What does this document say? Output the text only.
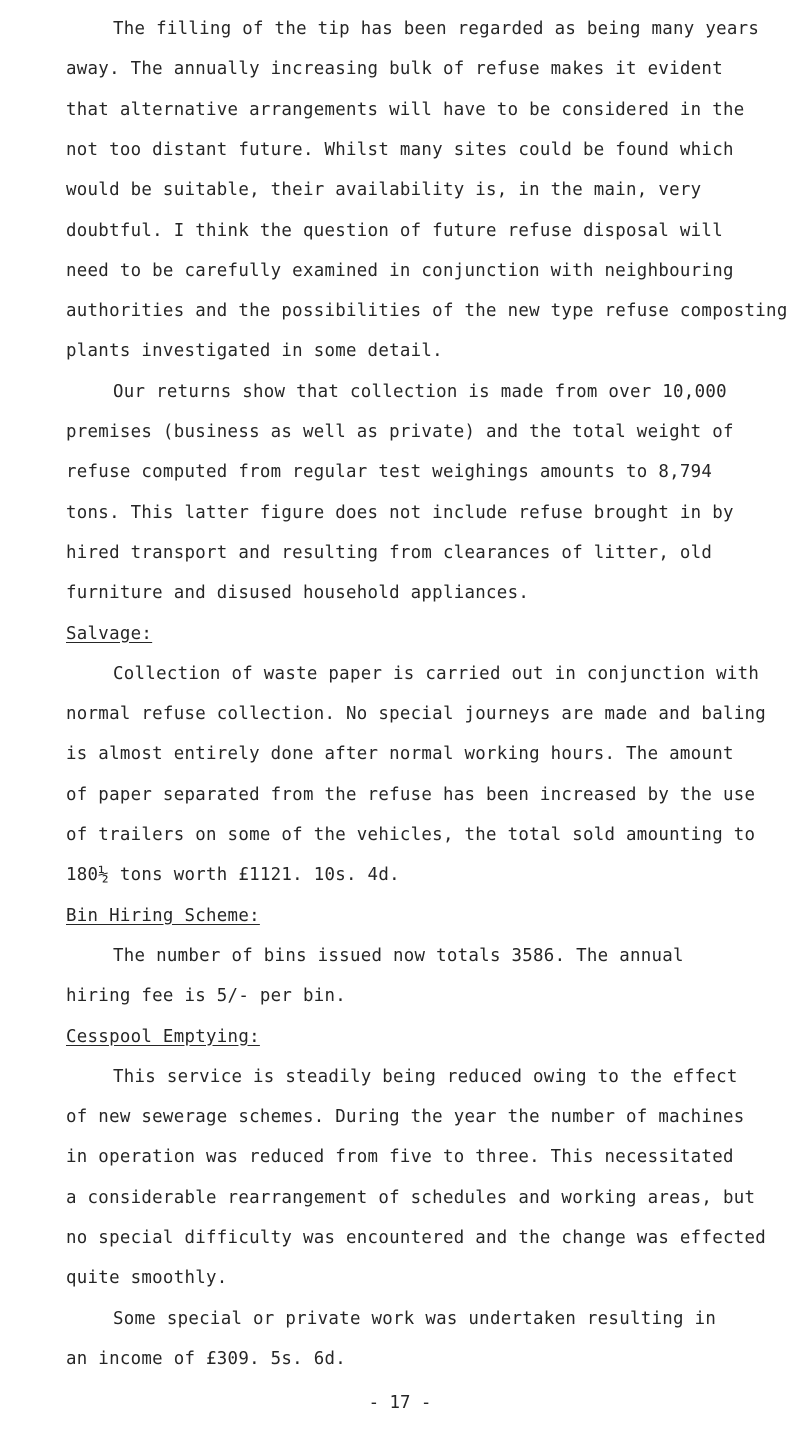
The filling of the tip has been regarded as being many years
away. The annually increasing bulk of refuse makes it evident
that alternative arrangements will have to be considered in the
not too distant future. Whilst many sites could be found which
would be suitable, their availability is, in the main, very
doubtful. I think the question of future refuse disposal will
need to be carefully examined in conjunction with neighbouring
authorities and the possibilities of the new type refuse composting
plants investigated in some detail.
Our returns show that collection is made from over 10,000
premises (business as well as private) and the total weight of
refuse computed from regular test weighings amounts to 8,794
tons. This latter figure does not include refuse brought in by
hired transport and resulting from clearances of litter, old
furniture and disused household appliances.
Salvage:
Collection of waste paper is carried out in conjunction with
normal refuse collection. No special journeys are made and baling
is almost entirely done after normal working hours. The amount
of paper separated from the refuse has been increased by the use
of trailers on some of the vehicles, the total sold amounting to
180½ tons worth £1121. 10s. 4d.
Bin Hiring Scheme:
The number of bins issued now totals 3586. The annual
hiring fee is 5/- per bin.
Cesspool Emptying:
This service is steadily being reduced owing to the effect
of new sewerage schemes. During the year the number of machines
in operation was reduced from five to three. This necessitated
a considerable rearrangement of schedules and working areas, but
no special difficulty was encountered and the change was effected
quite smoothly.
Some special or private work was undertaken resulting in
an income of £309. 5s. 6d.
- 17 -
